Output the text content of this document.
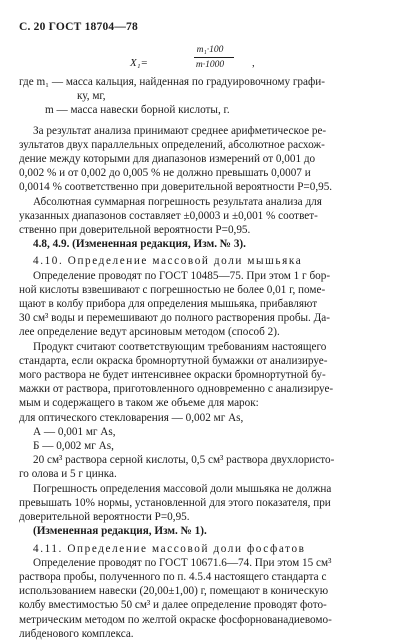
С. 20 ГОСТ 18704—78
X₁=
m₁·100
m·1000	,
где m₁ — масса кальция, найденная по градуировочному графи-
ку, мг,
m — масса навески борной кислоты, г.
За результат анализа принимают среднее арифметическое ре-
зультатов двух параллельных определений, абсолютное расхож-
дение между которыми для диапазонов измерений от 0,001 до
0,002 % и от 0,002 до 0,005 % не должно превышать 0,0007 и
0,0014 % соответственно при доверительной вероятности P=0,95.
Абсолютная суммарная погрешность результата анализа для
указанных диапазонов составляет ±0,0003 и ±0,001 % соответ-
ственно при доверительной вероятности P=0,95.
4.8, 4.9. (Измененная редакция, Изм. № 3).
4.10. Определение массовой доли мышьяка
Определение проводят по ГОСТ 10485—75. При этом 1 г бор-
ной кислоты взвешивают с погрешностью не более 0,01 г, поме-
щают в колбу прибора для определения мышьяка, прибавляют
30 см³ воды и перемешивают до полного растворения пробы. Да-
лее определение ведут арсиновым методом (способ 2).
Продукт считают соответствующим требованиям настоящего
стандарта, если окраска бромнортутной бумажки от анализируе-
мого раствора не будет интенсивнее окраски бромнортутной бу-
мажки от раствора, приготовленного одновременно с анализируе-
мым и содержащего в таком же объеме для марок:
для оптического стекловарения — 0,002 мг As,
А — 0,001 мг As,
Б — 0,002 мг As,
20 см³ раствора серной кислоты, 0,5 см³ раствора двухлористо-
го олова и 5 г цинка.
Погрешность определения массовой доли мышьяка не должна
превышать 10% нормы, установленной для этого показателя, при
доверительной вероятности P=0,95.
(Измененная редакция, Изм. № 1).
4.11. Определение массовой доли фосфатов
Определение проводят по ГОСТ 10671.6—74. При этом 15 см³
раствора пробы, полученного по п. 4.5.4 настоящего стандарта с
использованием навески (20,00±1,00) г, помещают в коническую
колбу вместимостью 50 см³ и далее определение проводят фото-
метрическим методом по желтой окраске фосфорнованадиевомо-
либденового комплекса.
